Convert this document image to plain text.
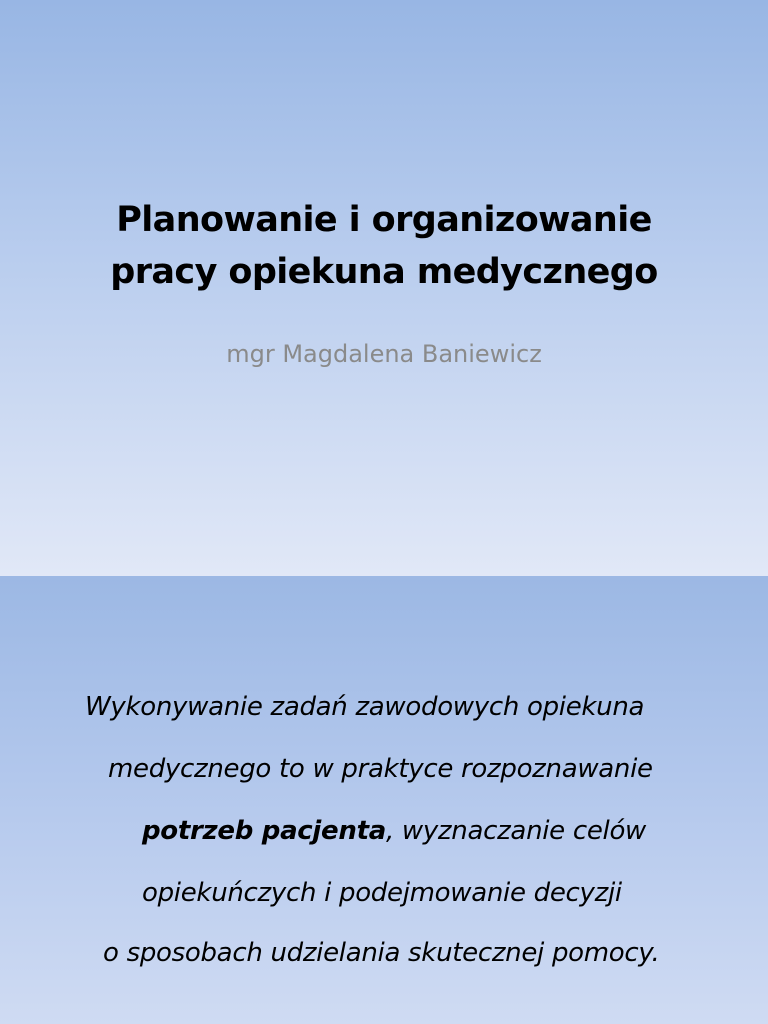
Planowanie i organizowanie
pracy opiekuna medycznego
mgr Magdalena Baniewicz
Wykonywanie zadań zawodowych opiekuna
medycznego to w praktyce rozpoznawanie
potrzeb pacjenta, wyznaczanie celów
opiekuńczych i podejmowanie decyzji
o sposobach udzielania skutecznej pomocy.
